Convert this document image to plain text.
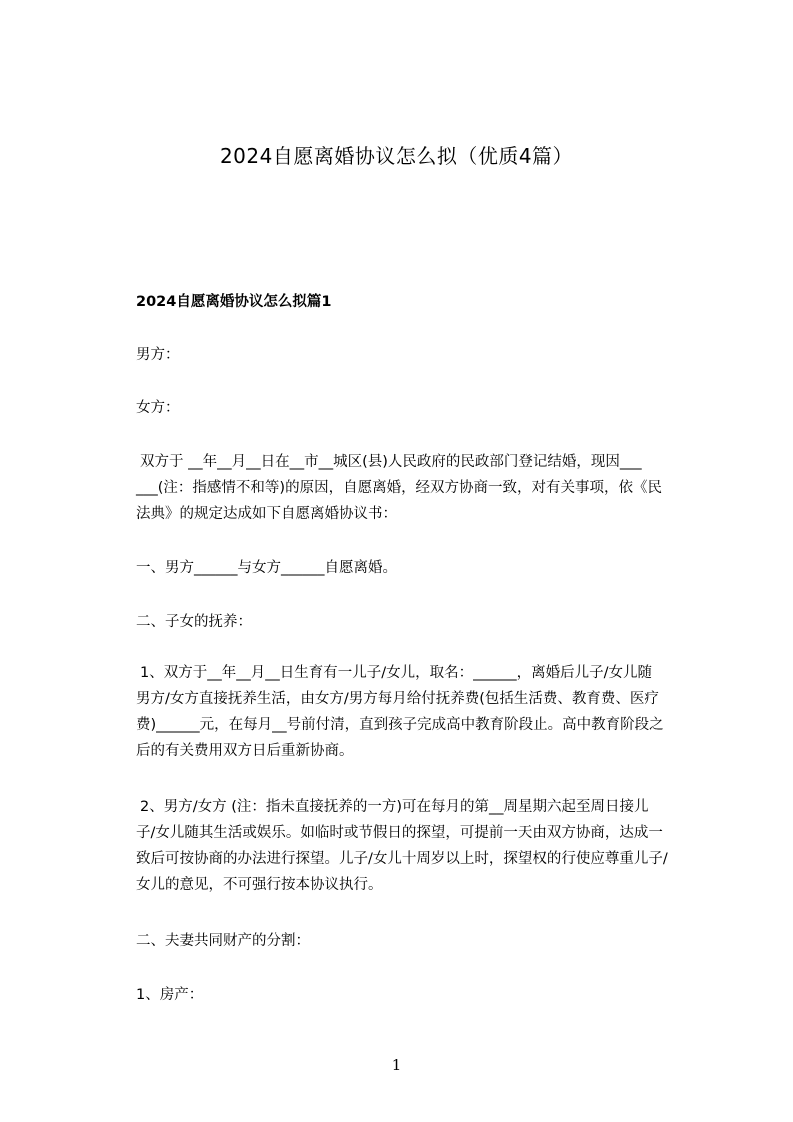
2024自愿离婚协议怎么拟（优质4篇）

2024自愿离婚协议怎么拟篇1

男方：

女方：

双方于 __年__月__日在__市__城区(县)人民政府的民政部门登记结婚，现因___
___(注：指感情不和等)的原因，自愿离婚，经双方协商一致，对有关事项，依《民
法典》的规定达成如下自愿离婚协议书：

一、男方______与女方______自愿离婚。

二、子女的抚养：

1、双方于__年__月__日生育有一儿子/女儿，取名：______，离婚后儿子/女儿随
男方/女方直接抚养生活，由女方/男方每月给付抚养费(包括生活费、教育费、医疗
费)______元，在每月__号前付清，直到孩子完成高中教育阶段止。高中教育阶段之
后的有关费用双方日后重新协商。
2、男方/女方 (注：指未直接抚养的一方)可在每月的第__周星期六起至周日接儿
子/女儿随其生活或娱乐。如临时或节假日的探望，可提前一天由双方协商，达成一
致后可按协商的办法进行探望。儿子/女儿十周岁以上时，探望权的行使应尊重儿子/
女儿的意见，不可强行按本协议执行。

二、夫妻共同财产的分割：

1、房产：

1
